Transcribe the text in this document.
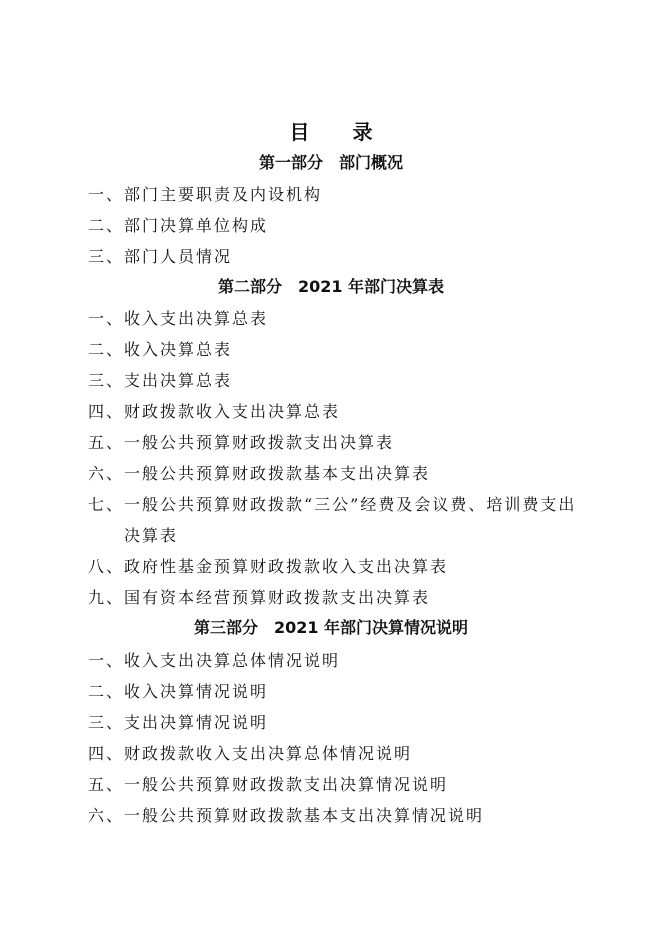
目 录
第一部分　部门概况
一、部门主要职责及内设机构
二、部门决算单位构成
三、部门人员情况
第二部分　2021 年部门决算表
一、收入支出决算总表
二、收入决算总表
三、支出决算总表
四、财政拨款收入支出决算总表
五、一般公共预算财政拨款支出决算表
六、一般公共预算财政拨款基本支出决算表
七、一般公共预算财政拨款“三公”经费及会议费、培训费支出
决算表
八、政府性基金预算财政拨款收入支出决算表
九、国有资本经营预算财政拨款支出决算表
第三部分　2021 年部门决算情况说明
一、收入支出决算总体情况说明
二、收入决算情况说明
三、支出决算情况说明
四、财政拨款收入支出决算总体情况说明
五、一般公共预算财政拨款支出决算情况说明
六、一般公共预算财政拨款基本支出决算情况说明
